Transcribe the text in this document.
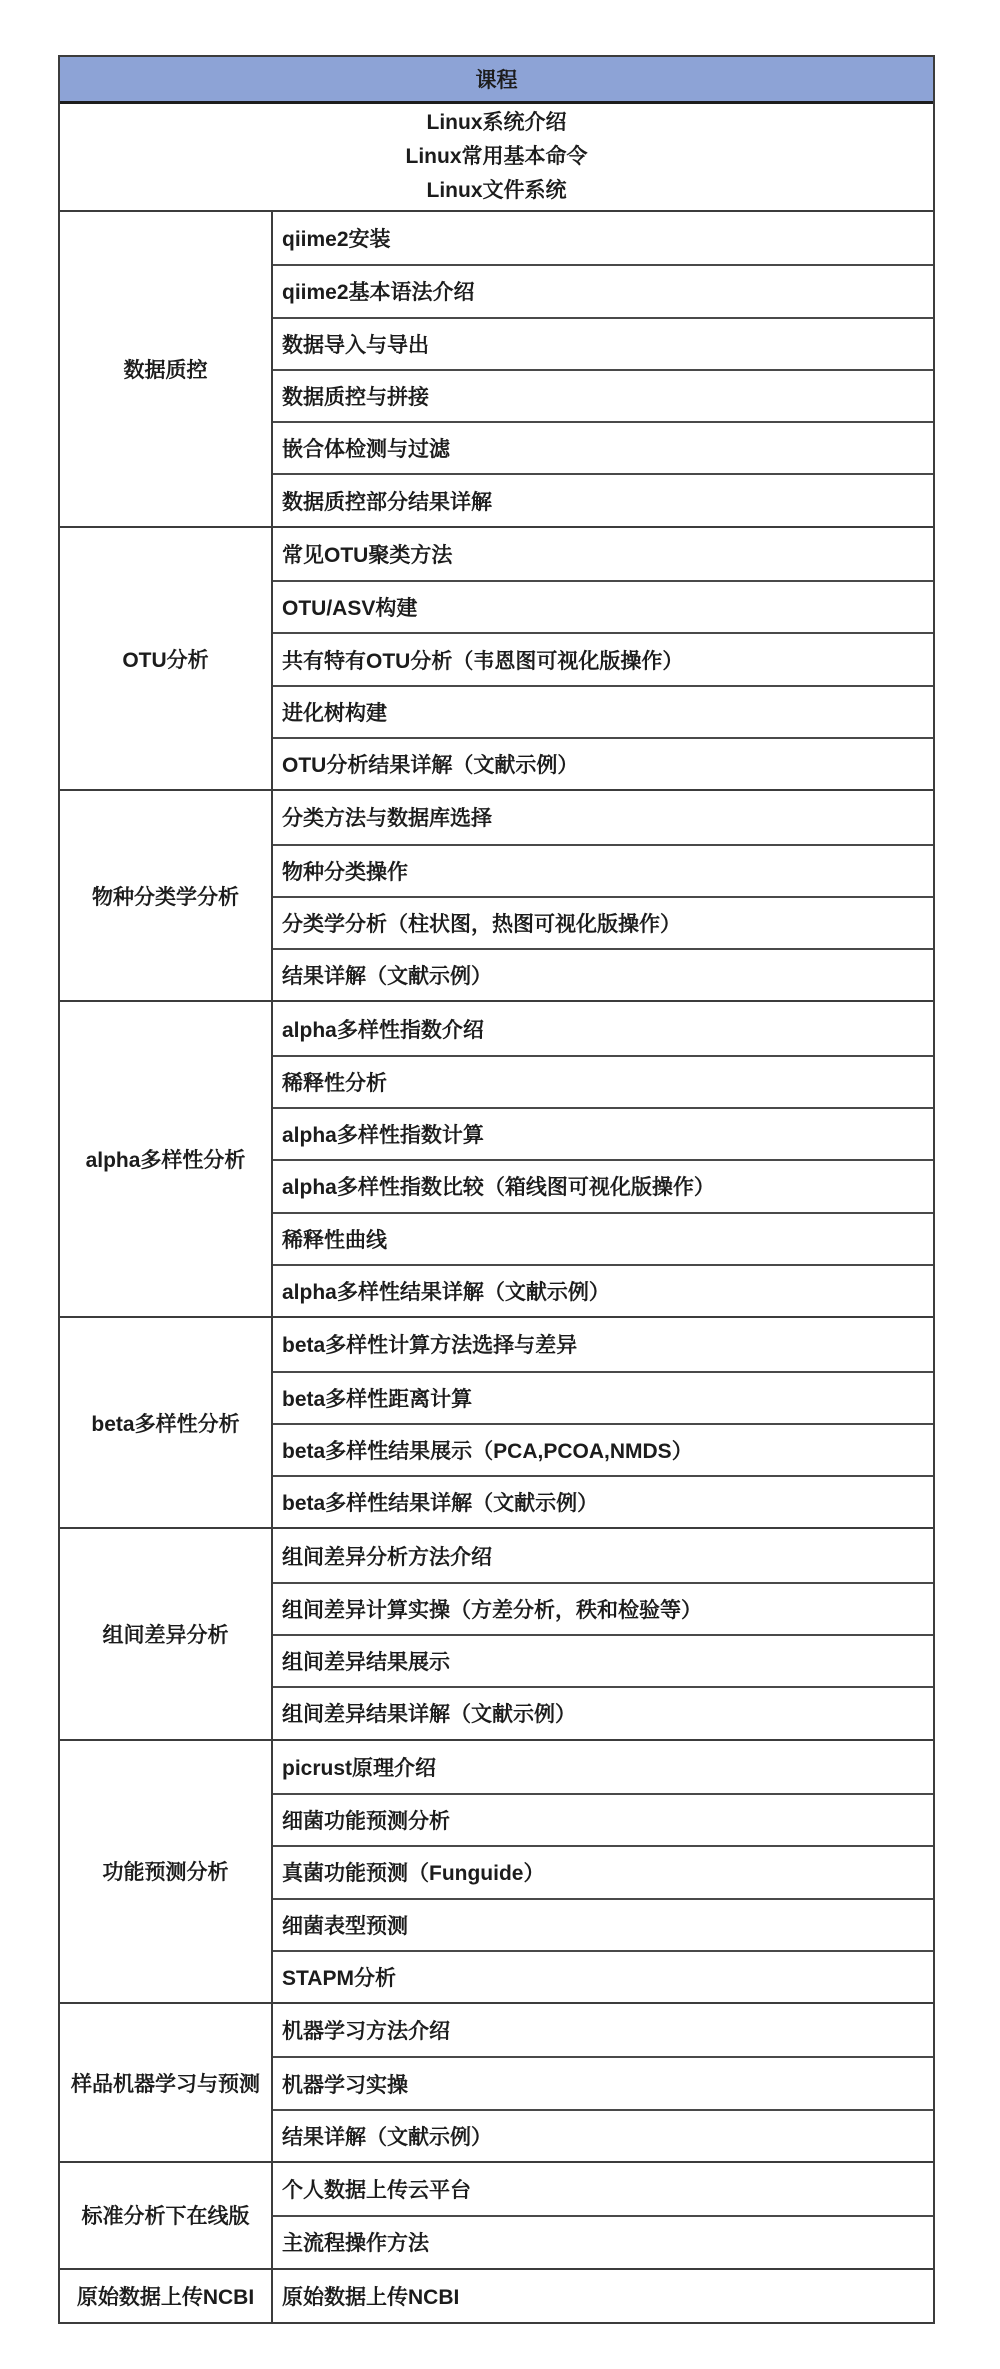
课程
Linux系统介绍
Linux常用基本命令
Linux文件系统
数据质控
qiime2安装
qiime2基本语法介绍
数据导入与导出
数据质控与拼接
嵌合体检测与过滤
数据质控部分结果详解
OTU分析
常见OTU聚类方法
OTU/ASV构建
共有特有OTU分析（韦恩图可视化版操作）
进化树构建
OTU分析结果详解（文献示例）
物种分类学分析
分类方法与数据库选择
物种分类操作
分类学分析（柱状图，热图可视化版操作）
结果详解（文献示例）
alpha多样性分析
alpha多样性指数介绍
稀释性分析
alpha多样性指数计算
alpha多样性指数比较（箱线图可视化版操作）
稀释性曲线
alpha多样性结果详解（文献示例）
beta多样性分析
beta多样性计算方法选择与差异
beta多样性距离计算
beta多样性结果展示（PCA,PCOA,NMDS）
beta多样性结果详解（文献示例）
组间差异分析
组间差异分析方法介绍
组间差异计算实操（方差分析，秩和检验等）
组间差异结果展示
组间差异结果详解（文献示例）
功能预测分析
picrust原理介绍
细菌功能预测分析
真菌功能预测（Funguide）
细菌表型预测
STAPM分析
样品机器学习与预测
机器学习方法介绍
机器学习实操
结果详解（文献示例）
标准分析下在线版
个人数据上传云平台
主流程操作方法
原始数据上传NCBI	原始数据上传NCBI
